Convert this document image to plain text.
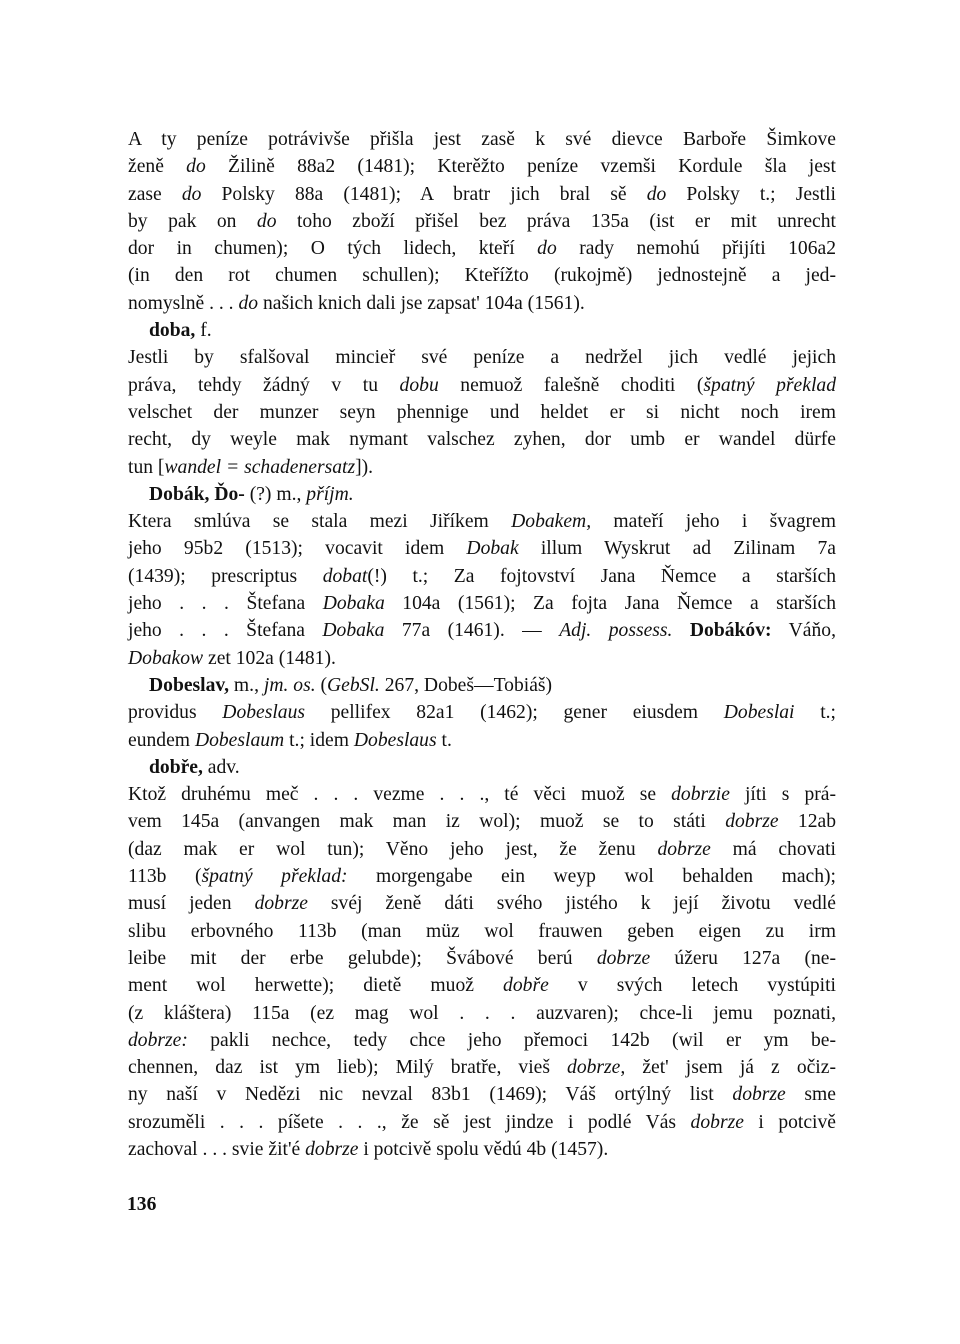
A ty peníze potrávivše přišla jest zasě k své dievce Barboře Šimkove
ženě do Žilině 88a2 (1481); Kterěžto peníze vzemši Kordule šla jest
zase do Polsky 88a (1481); A bratr jich bral sě do Polsky t.; Jestli
by pak on do toho zboží přišel bez práva 135a (ist er mit unrecht
dor in chumen); O tých lidech, kteří do rady nemohú přijíti 106a2
(in den rot chumen schullen); Kteřížto (rukojmě) jednostejně a jed-
nomyslně . . . do našich knich dali jse zapsat' 104a (1561).
doba, f.
Jestli by sfalšoval mincieř své peníze a nedržel jich vedlé jejich
práva, tehdy žádný v tu dobu nemuož falešně choditi (špatný překlad
velschet der munzer seyn phennige und heldet er si nicht noch irem
recht, dy weyle mak nymant valschez zyhen, dor umb er wandel dürfe
tun [wandel = schadenersatz]).
Dobák, Ďo- (?) m., příjm.
Ktera smlúva se stala mezi Jiříkem Dobakem, mateří jeho i švagrem
jeho 95b2 (1513); vocavit idem Dobak illum Wyskrut ad Zilinam 7a
(1439); prescriptus dobat(!) t.; Za fojtovství Jana Ňemce a starších
jeho . . . Štefana Dobaka 104a (1561); Za fojta Jana Ňemce a starších
jeho . . . Štefana Dobaka 77a (1461). — Adj. possess. Dobákóv: Váňo,
Dobakow zet 102a (1481).
Dobeslav, m., jm. os. (GebSl. 267, Dobeš—Tobiáš)
providus Dobeslaus pellifex 82a1 (1462); gener eiusdem Dobeslai t.;
eundem Dobeslaum t.; idem Dobeslaus t.
dobře, adv.
Ktož druhému meč . . . vezme . . ., té věci muož se dobrzie jíti s prá-
vem 145a (anvangen mak man iz wol); muož se to státi dobrze 12ab
(daz mak er wol tun); Věno jeho jest, že ženu dobrze má chovati
113b (špatný překlad: morgengabe ein weyp wol behalden mach);
musí jeden dobrze svéj ženě dáti svého jistého k její životu vedlé
slibu erbovného 113b (man müz wol frauwen geben eigen zu irm
leibe mit der erbe gelubde); Švábové berú dobrze úžeru 127a (ne-
ment wol herwette); dietě muož dobře v svých letech vystúpiti
(z kláštera) 115a (ez mag wol . . . auzvaren); chce-li jemu poznati,
dobrze: pakli nechce, tedy chce jeho přemoci 142b (wil er ym be-
chennen, daz ist ym lieb); Milý bratře, vieš dobrze, žet' jsem já z očiz-
ny naší v Nedězi nic nevzal 83b1 (1469); Váš ortýlný list dobrze sme
srozuměli . . . píšete . . ., že sě jest jindze i podlé Vás dobrze i potcivě
zachoval . . . svie žit'é dobrze i potcivě spolu vědú 4b (1457).
136
